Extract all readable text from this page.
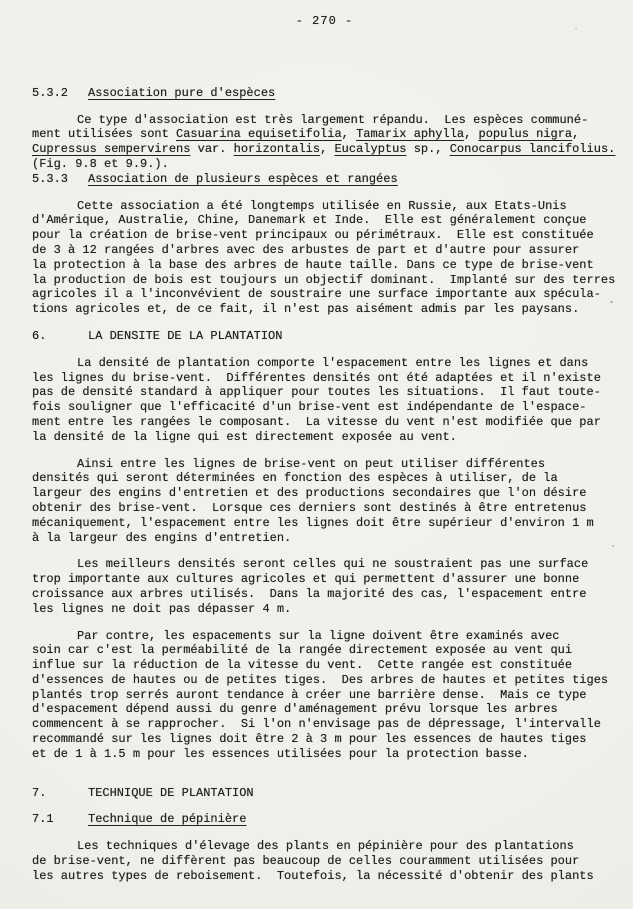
- 270 -
5.3.2 Association pure d'espèces
Ce type d'association est très largement répandu.  Les espèces communé-
ment utilisées sont Casuarina equisetifolia, Tamarix aphylla, populus nigra,
Cupressus sempervirens var. horizontalis, Eucalyptus sp., Conocarpus lancifolius.
(Fig. 9.8 et 9.9.).
5.3.3 Association de plusieurs espèces et rangées
Cette association a été longtemps utilisée en Russie, aux Etats-Unis
d'Amérique, Australie, Chine, Danemark et Inde.  Elle est généralement conçue
pour la création de brise-vent principaux ou périmétraux.  Elle est constituée
de 3 à 12 rangées d'arbres avec des arbustes de part et d'autre pour assurer
la protection à la base des arbres de haute taille. Dans ce type de brise-vent
la production de bois est toujours un objectif dominant.  Implanté sur des terres
agricoles il a l'inconvévient de soustraire une surface importante aux spécula-
tions agricoles et, de ce fait, il n'est pas aisément admis par les paysans.
6.	LA DENSITE DE LA PLANTATION
La densité de plantation comporte l'espacement entre les lignes et dans
les lignes du brise-vent.  Différentes densités ont été adaptées et il n'existe
pas de densité standard à appliquer pour toutes les situations.  Il faut toute-
fois souligner que l'efficacité d'un brise-vent est indépendante de l'espace-
ment entre les rangées le composant.  La vitesse du vent n'est modifiée que par
la densité de la ligne qui est directement exposée au vent.
Ainsi entre les lignes de brise-vent on peut utiliser différentes
densités qui seront déterminées en fonction des espèces à utiliser, de la
largeur des engins d'entretien et des productions secondaires que l'on désire
obtenir des brise-vent.  Lorsque ces derniers sont destinés à être entretenus
mécaniquement, l'espacement entre les lignes doit être supérieur d'environ 1 m
à la largeur des engins d'entretien.
Les meilleurs densités seront celles qui ne soustraient pas une surface
trop importante aux cultures agricoles et qui permettent d'assurer une bonne
croissance aux arbres utilisés.  Dans la majorité des cas, l'espacement entre
les lignes ne doit pas dépasser 4 m.
Par contre, les espacements sur la ligne doivent être examinés avec
soin car c'est la perméabilité de la rangée directement exposée au vent qui
influe sur la réduction de la vitesse du vent.  Cette rangée est constituée
d'essences de hautes ou de petites tiges.  Des arbres de hautes et petites tiges
plantés trop serrés auront tendance à créer une barrière dense.  Mais ce type
d'espacement dépend aussi du genre d'aménagement prévu lorsque les arbres
commencent à se rapprocher.  Si l'on n'envisage pas de dépressage, l'intervalle
recommandé sur les lignes doit être 2 à 3 m pour les essences de hautes tiges
et de 1 à 1.5 m pour les essences utilisées pour la protection basse.
7.	TECHNIQUE DE PLANTATION
7.1	Technique de pépinière
Les techniques d'élevage des plants en pépinière pour des plantations
de brise-vent, ne diffèrent pas beaucoup de celles couramment utilisées pour
les autres types de reboisement.  Toutefois, la nécessité d'obtenir des plants
